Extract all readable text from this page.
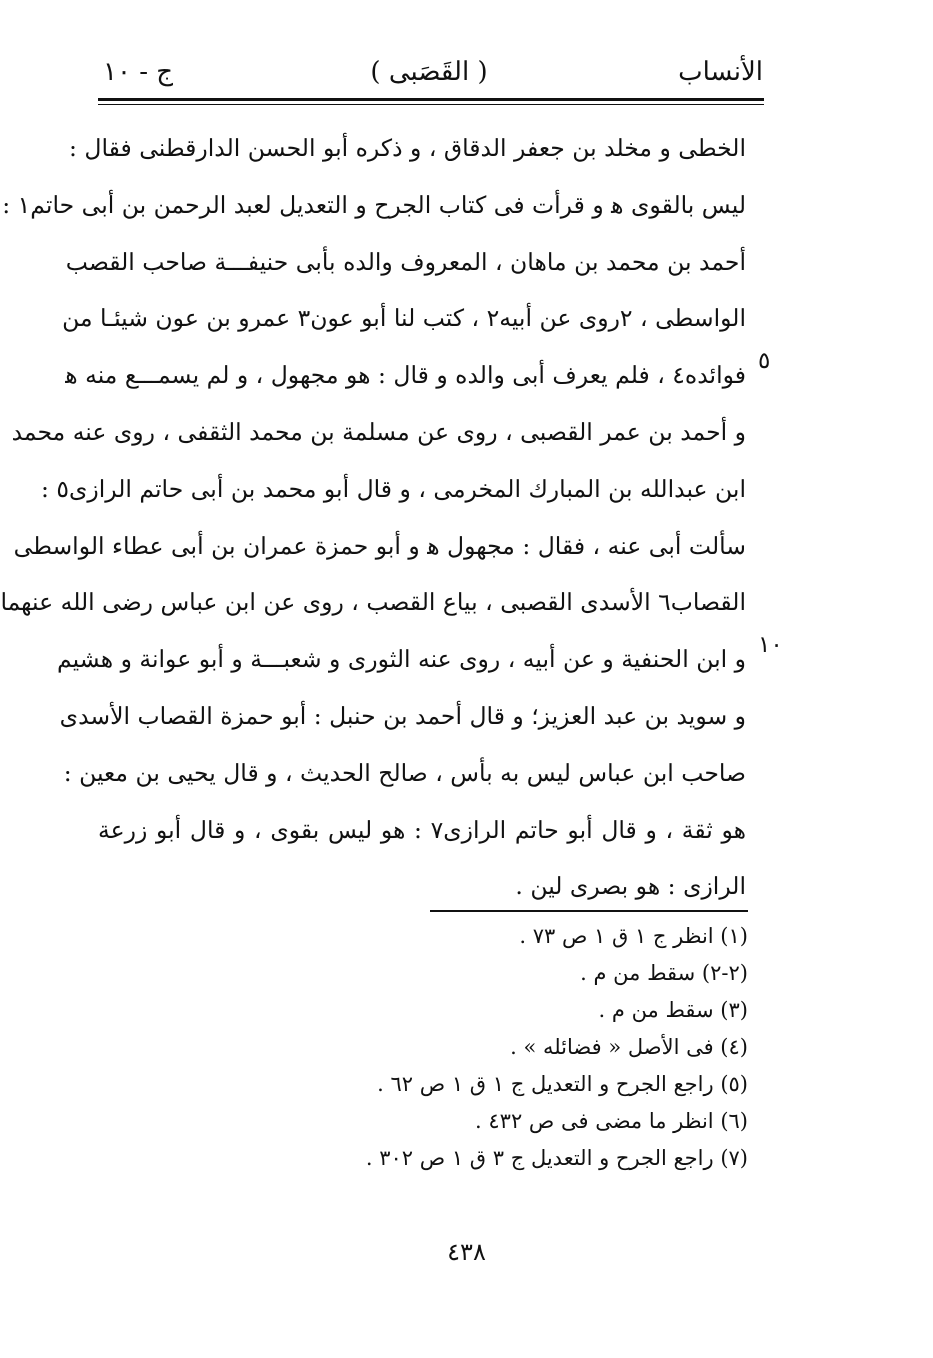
الأنساب
( القَصَبى )
ج - ١٠
الخطى و مخلد بن جعفر الدقاق ، و ذكره أبو الحسن الدارقطنى فقال :
ليس بالقوى ﻫ و قرأت فى كتاب الجرح و التعديل لعبد الرحمن بن أبى حاتم١ :
أحمد بن محمد بن ماهان ، المعروف والده بأبى حنيفـــة صاحب القصب
الواسطى ، ٢روى عن أبيه٢ ، كتب لنا أبو عون٣ عمرو بن عون شيئـا من
فوائده٤ ، فلم يعرف أبى والده و قال : هو مجهول ، و لم يسمـــع منه ﻫ
و أحمد بن عمر القصبى ، روى عن مسلمة بن محمد الثقفى ، روى عنه محمد
ابن عبدالله بن المبارك المخرمى ، و قال أبو محمد بن أبى حاتم الرازى٥ :
سألت أبى عنه ، فقال : مجهول ﻫ و أبو حمزة عمران بن أبى عطاء الواسطى
القصاب٦ الأسدى القصبى ، بياع القصب ، روى عن ابن عباس رضى الله عنهما
و ابن الحنفية و عن أبيه ، روى عنه الثورى و شعبـــة و أبو عوانة و هشيم
و سويد بن عبد العزيز؛ و قال أحمد بن حنبل : أبو حمزة القصاب الأسدى
صاحب ابن عباس ليس به بأس ، صالح الحديث ، و قال يحيى بن معين :
هو ثقة ، و قال أبو حاتم الرازى٧ : هو ليس بقوى ، و قال أبو زرعة
الرازى : هو بصرى لين .
٥
١٠
(١) انظر ج ١ ق ١ ص ٧٣ .
(٢-٢) سقط من م .
(٣) سقط من م .
(٤) فى الأصل « فضائله » .
(٥) راجع الجرح و التعديل ج ١ ق ١ ص ٦٢ .
(٦) انظر ما مضى فى ص ٤٣٢ .
(٧) راجع الجرح و التعديل ج ٣ ق ١ ص ٣٠٢ .
٤٣٨
